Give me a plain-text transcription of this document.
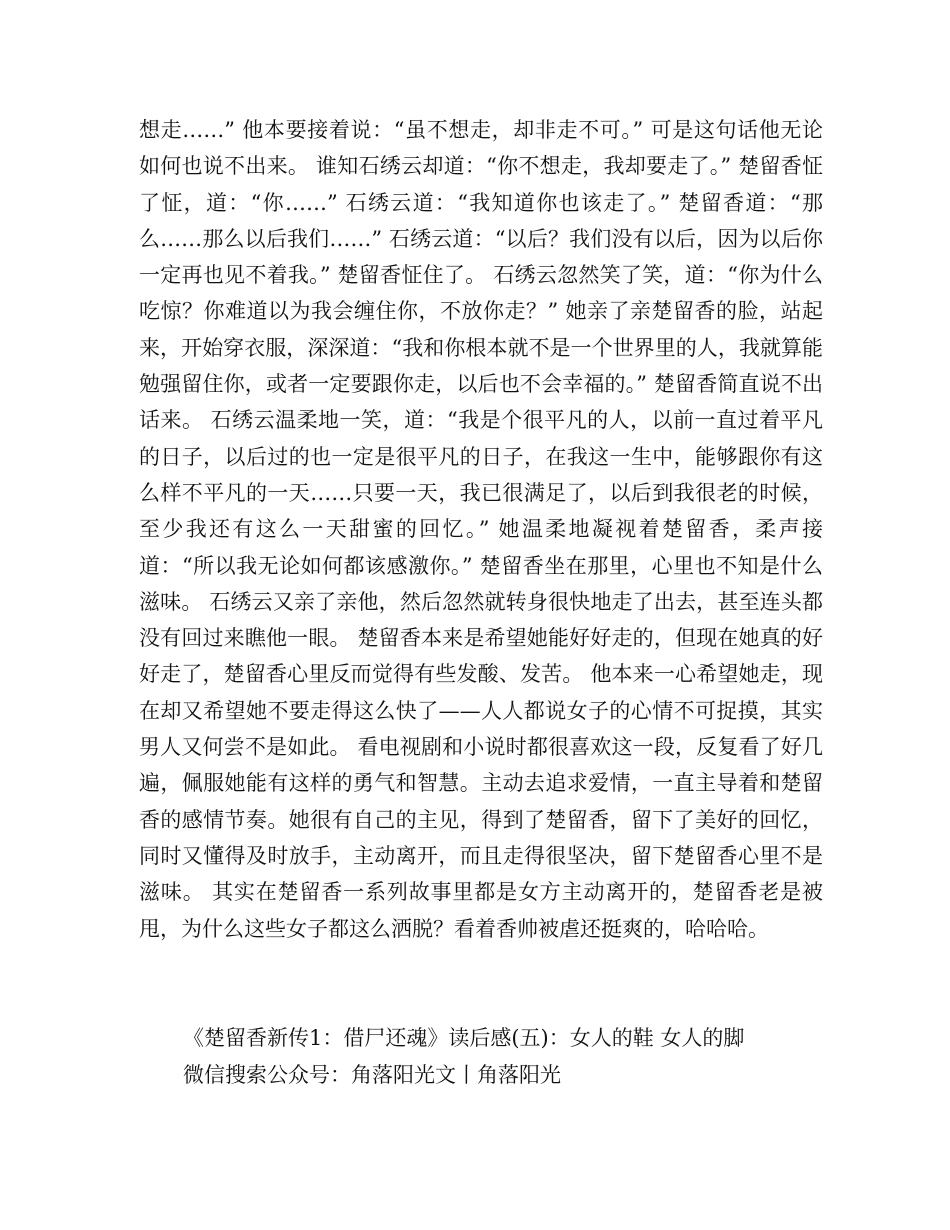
想走……” 他本要接着说：“虽不想走，却非走不可。” 可是这句话他无论如何也说不出来。 谁知石绣云却道：“你不想走，我却要走了。” 楚留香怔了怔，道：“你……” 石绣云道：“我知道你也该走了。” 楚留香道：“那么……那么以后我们……” 石绣云道：“以后？我们没有以后，因为以后你一定再也见不着我。” 楚留香怔住了。 石绣云忽然笑了笑，道：“你为什么吃惊？你难道以为我会缠住你，不放你走？” 她亲了亲楚留香的脸，站起来，开始穿衣服，深深道：“我和你根本就不是一个世界里的人，我就算能勉强留住你，或者一定要跟你走，以后也不会幸福的。” 楚留香简直说不出话来。 石绣云温柔地一笑，道：“我是个很平凡的人，以前一直过着平凡的日子，以后过的也一定是很平凡的日子，在我这一生中，能够跟你有这么样不平凡的一天……只要一天，我已很满足了，以后到我很老的时候，至少我还有这么一天甜蜜的回忆。” 她温柔地凝视着楚留香，柔声接道：“所以我无论如何都该感激你。” 楚留香坐在那里，心里也不知是什么滋味。 石绣云又亲了亲他，然后忽然就转身很快地走了出去，甚至连头都没有回过来瞧他一眼。 楚留香本来是希望她能好好走的，但现在她真的好好走了，楚留香心里反而觉得有些发酸、发苦。 他本来一心希望她走，现在却又希望她不要走得这么快了——人人都说女子的心情不可捉摸，其实男人又何尝不是如此。 看电视剧和小说时都很喜欢这一段，反复看了好几遍，佩服她能有这样的勇气和智慧。主动去追求爱情，一直主导着和楚留香的感情节奏。她很有自己的主见，得到了楚留香，留下了美好的回忆，同时又懂得及时放手，主动离开，而且走得很坚决，留下楚留香心里不是滋味。 其实在楚留香一系列故事里都是女方主动离开的，楚留香老是被甩，为什么这些女子都这么洒脱？看着香帅被虐还挺爽的，哈哈哈。

《楚留香新传1：借尸还魂》读后感(五)：女人的鞋 女人的脚

微信搜索公众号：角落阳光文丨角落阳光
